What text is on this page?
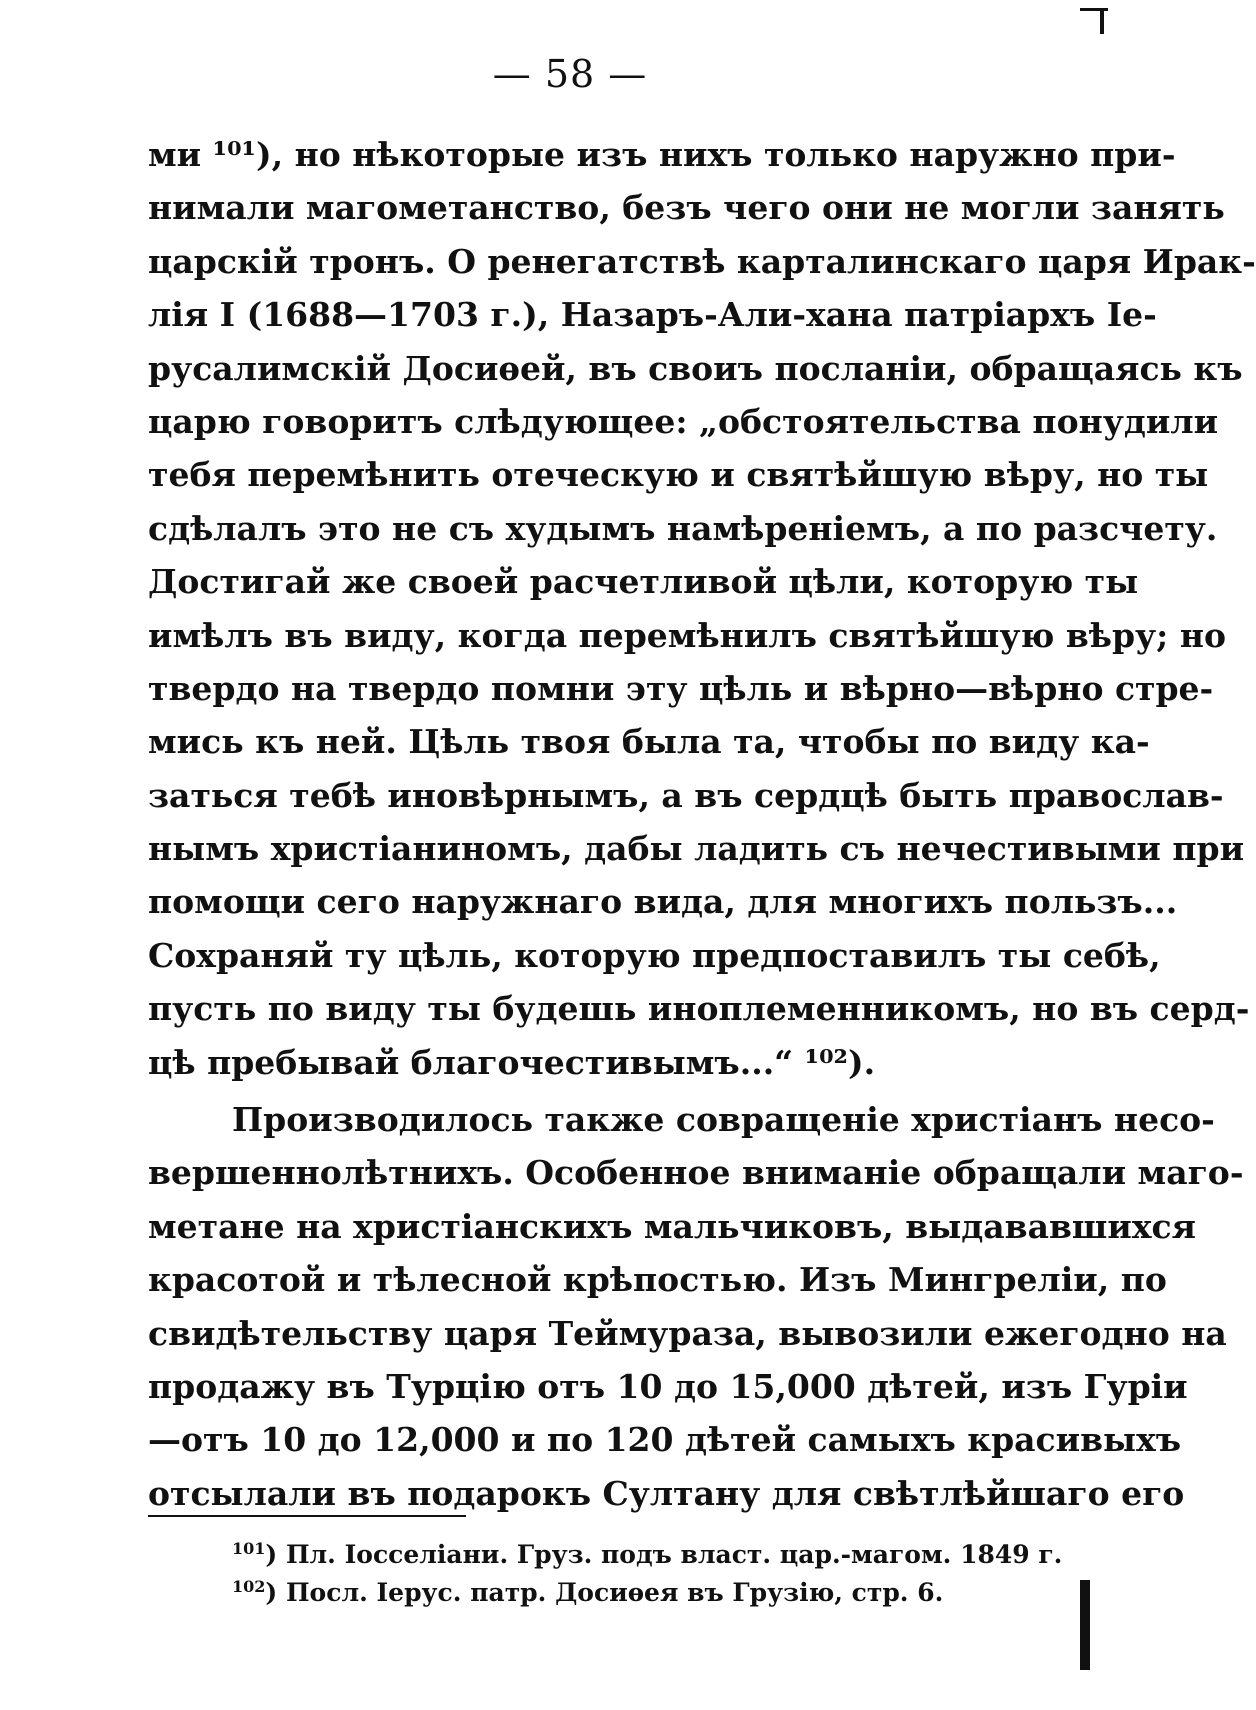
— 58 —
ми ¹⁰¹), но нѣкоторые изъ нихъ только наружно при-
нимали магометанство, безъ чего они не могли занять
царскій тронъ. О ренегатствѣ карталинскаго царя Ирак-
лія I (1688—1703 г.), Назаръ-Али-хана патріархъ Іе-
русалимскій Досиѳей, въ своиъ посланіи, обращаясь къ
царю говоритъ слѣдующее: „обстоятельства понудили
тебя перемѣнить отеческую и святѣйшую вѣру, но ты
сдѣлалъ это не съ худымъ намѣреніемъ, а по разсчету.
Достигай же своей расчетливой цѣли, которую ты
имѣлъ въ виду, когда перемѣнилъ святѣйшую вѣру; но
твердо на твердо помни эту цѣль и вѣрно—вѣрно стре-
мись къ ней. Цѣль твоя была та, чтобы по виду ка-
заться тебѣ иновѣрнымъ, а въ сердцѣ быть православ-
нымъ христіаниномъ, дабы ладить съ нечестивыми при
помощи сего наружнаго вида, для многихъ пользъ...
Сохраняй ту цѣль, которую предпоставилъ ты себѣ,
пусть по виду ты будешь иноплеменникомъ, но въ серд-
цѣ пребывай благочестивымъ...“ ¹⁰²).
Производилось также совращеніе христіанъ несо-
вершеннолѣтнихъ. Особенное вниманіе обращали маго-
метане на христіанскихъ мальчиковъ, выдававшихся
красотой и тѣлесной крѣпостью. Изъ Мингреліи, по
свидѣтельству царя Теймураза, вывозили ежегодно на
продажу въ Турцію отъ 10 до 15,000 дѣтей, изъ Гуріи
—отъ 10 до 12,000 и по 120 дѣтей самыхъ красивыхъ
отсылали въ подарокъ Султану для свѣтлѣйшаго его
$^{101}$) Пл. Іосселіани. Груз. подъ власт. цар.-магом. 1849 г.
$^{102}$) Посл. Іерус. патр. Досиѳея въ Грузію, стр. 6.
